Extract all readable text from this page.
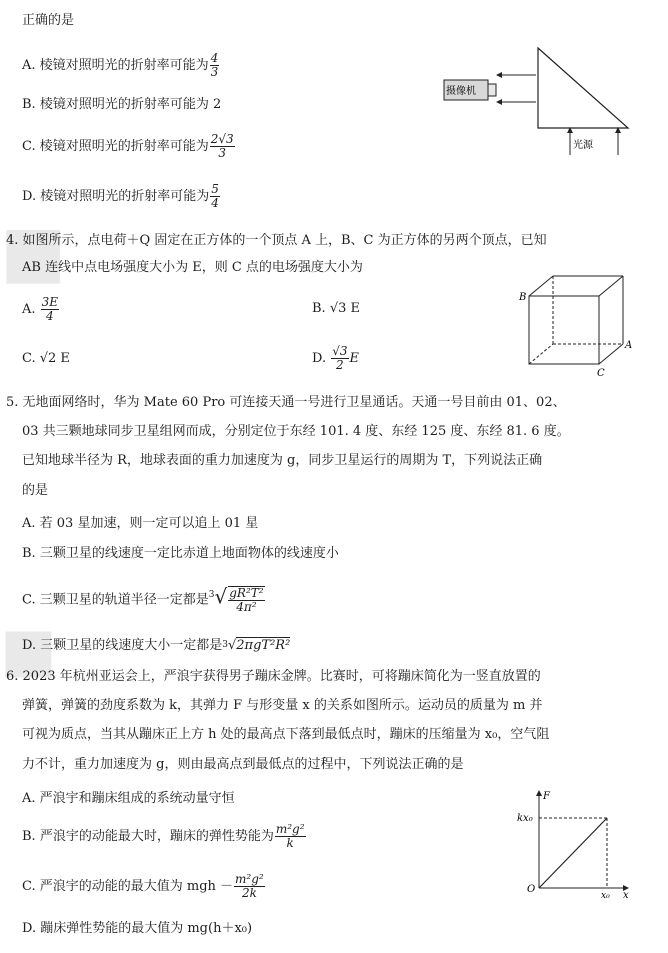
■
■
正确的是
A. 棱镜对照明光的折射率可能为 $\frac{4}{3}$
B. 棱镜对照明光的折射率可能为 2
C. 棱镜对照明光的折射率可能为 $\frac{2√3}{3}$
D. 棱镜对照明光的折射率可能为 $\frac{5}{4}$
摄像机
光源
4. 如图所示，点电荷＋Q 固定在正方体的一个顶点 A 上，B、C 为正方体的另两个顶点，已知
AB 连线中点电场强度大小为 E，则 C 点的电场强度大小为
A. $\frac{3E}{4}$	B. √3 E
C. √2 E	D. $\frac{√3}{2}$ E
B
A
C
5. 无地面网络时，华为 Mate 60 Pro 可连接天通一号进行卫星通话。天通一号目前由 01、02、
03 共三颗地球同步卫星组网而成，分别定位于东经 101. 4 度、东经 125 度、东经 81. 6 度。
已知地球半径为 R，地球表面的重力加速度为 g，同步卫星运行的周期为 T，下列说法正确
的是
A. 若 03 星加速，则一定可以追上 01 星
B. 三颗卫星的线速度一定比赤道上地面物体的线速度小
C. 三颗卫星的轨道半径一定都是$^3√ \frac{\text{gR²T²}}{\text{4π²}}$
D. 三颗卫星的线速度大小一定都是$^3$√2πgT²R²
6. 2023 年杭州亚运会上，严浪宇获得男子蹦床金牌。比赛时，可将蹦床简化为一竖直放置的
弹簧，弹簧的劲度系数为 k，其弹力 F 与形变量 x 的关系如图所示。运动员的质量为 m 并
可视为质点，当其从蹦床正上方 h 处的最高点下落到最低点时，蹦床的压缩量为 x₀，空气阻
力不计，重力加速度为 g，则由最高点到最低点的过程中，下列说法正确的是
A. 严浪宇和蹦床组成的系统动量守恒
B. 严浪宇的动能最大时，蹦床的弹性势能为 $\frac{\text{m²g²}}{k}$
C. 严浪宇的动能的最大值为 mgh － $\frac{\text{m²g²}}{2k}$
D. 蹦床弹性势能的最大值为 mg(h＋x₀)
F
kx₀
O
x₀ x
